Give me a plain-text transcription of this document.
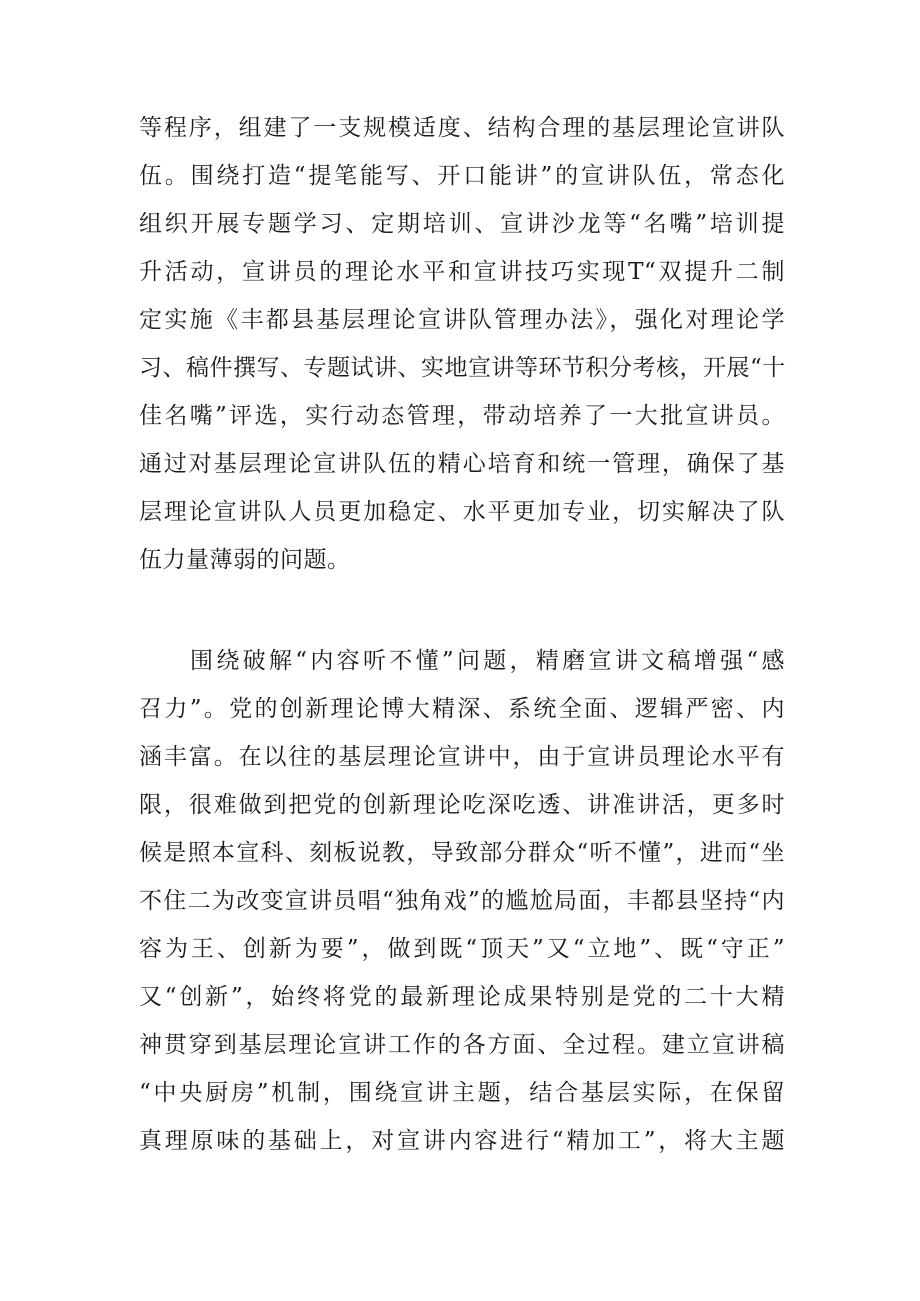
等程序，组建了一支规模适度、结构合理的基层理论宣讲队
伍。围绕打造“提笔能写、开口能讲”的宣讲队伍，常态化
组织开展专题学习、定期培训、宣讲沙龙等“名嘴”培训提
升活动，宣讲员的理论水平和宣讲技巧实现T“双提升二制
定实施《丰都县基层理论宣讲队管理办法》，强化对理论学
习、稿件撰写、专题试讲、实地宣讲等环节积分考核，开展“十
佳名嘴”评选，实行动态管理，带动培养了一大批宣讲员。
通过对基层理论宣讲队伍的精心培育和统一管理，确保了基
层理论宣讲队人员更加稳定、水平更加专业，切实解决了队
伍力量薄弱的问题。
围绕破解“内容听不懂”问题，精磨宣讲文稿增强“感
召力”。党的创新理论博大精深、系统全面、逻辑严密、内
涵丰富。在以往的基层理论宣讲中，由于宣讲员理论水平有
限，很难做到把党的创新理论吃深吃透、讲准讲活，更多时
候是照本宣科、刻板说教，导致部分群众“听不懂”，进而“坐
不住二为改变宣讲员唱“独角戏”的尴尬局面，丰都县坚持“内
容为王、创新为要”，做到既“顶天”又“立地”、既“守正”
又“创新”，始终将党的最新理论成果特别是党的二十大精
神贯穿到基层理论宣讲工作的各方面、全过程。建立宣讲稿
“中央厨房”机制，围绕宣讲主题，结合基层实际，在保留
真理原味的基础上，对宣讲内容进行“精加工”，将大主题
